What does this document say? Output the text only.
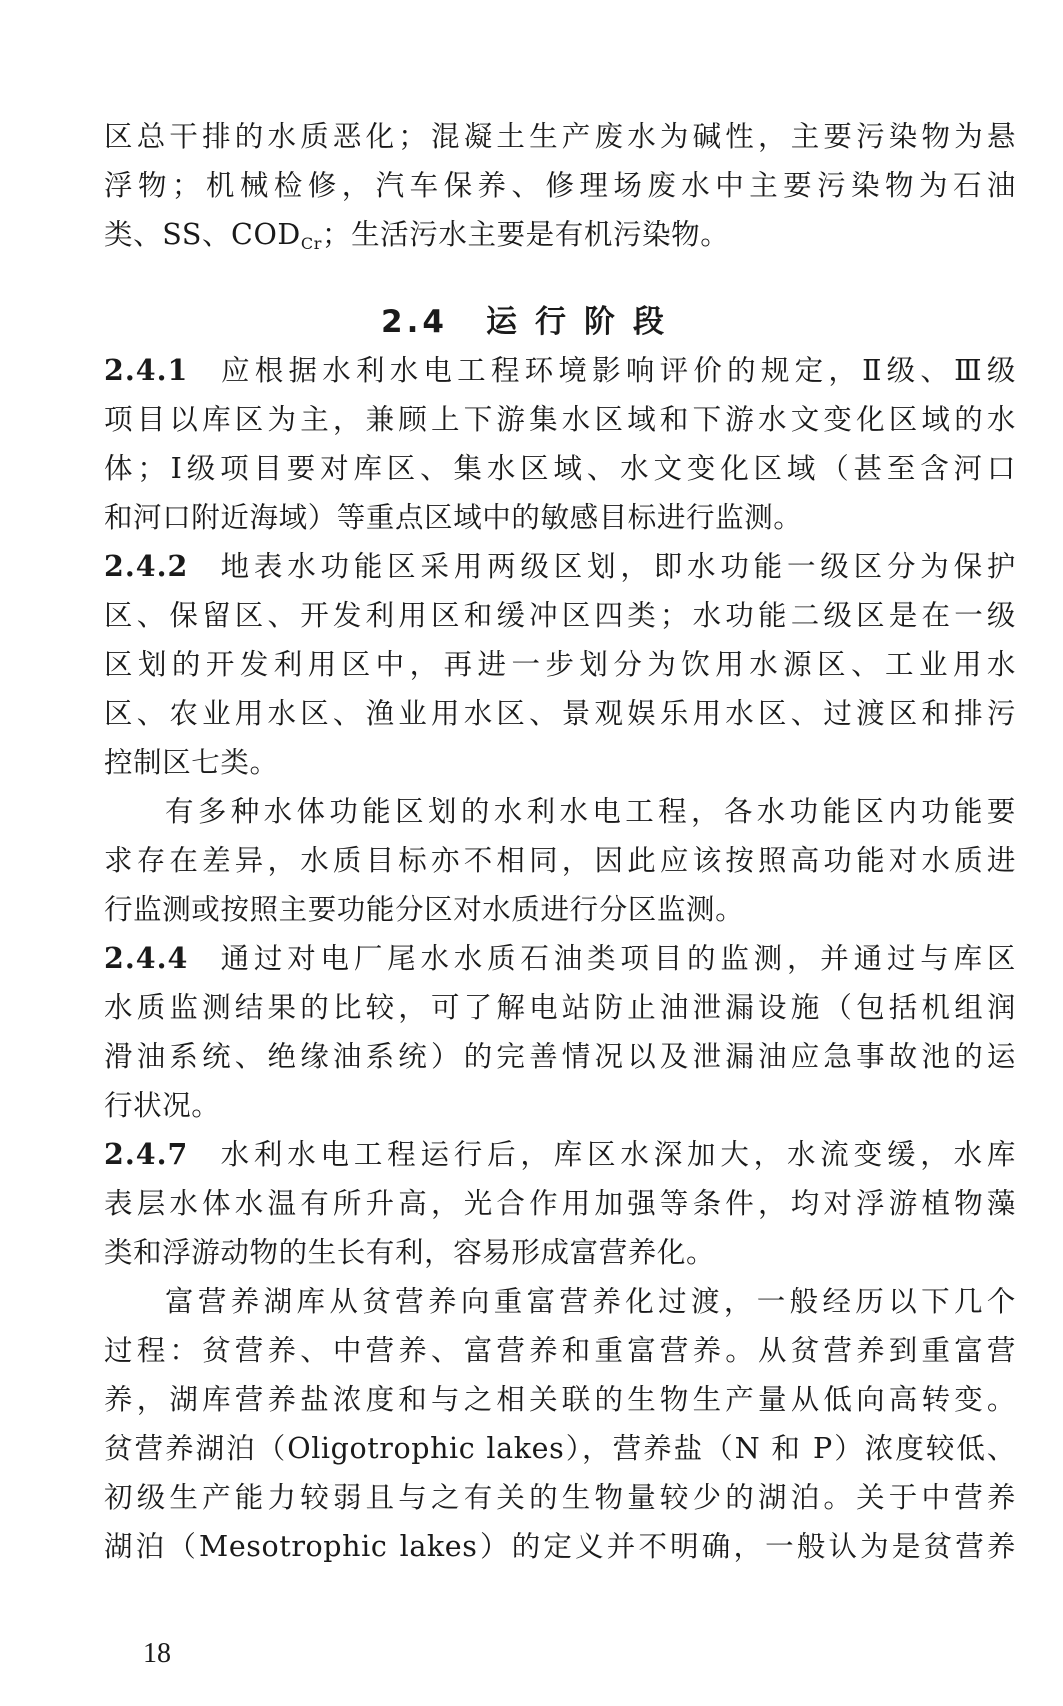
区总干排的水质恶化；混凝土生产废水为碱性，主要污染物为悬
浮物；机械检修，汽车保养、修理场废水中主要污染物为石油
类、SS、$COD_{Cr}$；生活污水主要是有机污染物。
2.4 运行阶段
2.4.1 应根据水利水电工程环境影响评价的规定，Ⅱ级、Ⅲ级
项目以库区为主，兼顾上下游集水区域和下游水文变化区域的水
体；Ⅰ级项目要对库区、集水区域、水文变化区域（甚至含河口
和河口附近海域）等重点区域中的敏感目标进行监测。
2.4.2 地表水功能区采用两级区划，即水功能一级区分为保护
区、保留区、开发利用区和缓冲区四类；水功能二级区是在一级
区划的开发利用区中，再进一步划分为饮用水源区、工业用水
区、农业用水区、渔业用水区、景观娱乐用水区、过渡区和排污
控制区七类。
有多种水体功能区划的水利水电工程，各水功能区内功能要
求存在差异，水质目标亦不相同，因此应该按照高功能对水质进
行监测或按照主要功能分区对水质进行分区监测。
2.4.4 通过对电厂尾水水质石油类项目的监测，并通过与库区
水质监测结果的比较，可了解电站防止油泄漏设施（包括机组润
滑油系统、绝缘油系统）的完善情况以及泄漏油应急事故池的运
行状况。
2.4.7 水利水电工程运行后，库区水深加大，水流变缓，水库
表层水体水温有所升高，光合作用加强等条件，均对浮游植物藻
类和浮游动物的生长有利，容易形成富营养化。
富营养湖库从贫营养向重富营养化过渡，一般经历以下几个
过程：贫营养、中营养、富营养和重富营养。从贫营养到重富营
养，湖库营养盐浓度和与之相关联的生物生产量从低向高转变。
贫营养湖泊（Oligotrophic lakes），营养盐（N 和 P）浓度较低、
初级生产能力较弱且与之有关的生物量较少的湖泊。关于中营养
湖泊（Mesotrophic lakes）的定义并不明确，一般认为是贫营养
18
